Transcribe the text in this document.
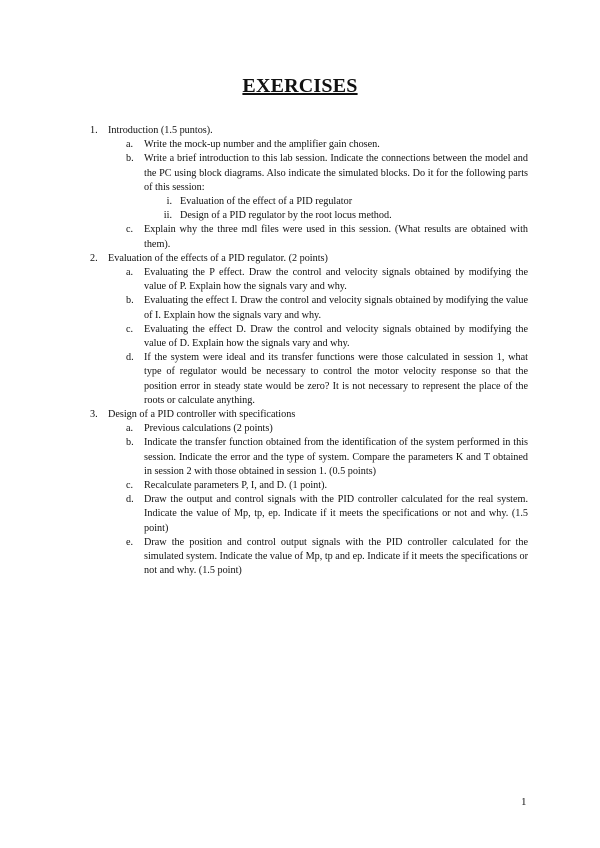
EXERCISES
1. Introduction (1.5 puntos).
a. Write the mock-up number and the amplifier gain chosen.
b. Write a brief introduction to this lab session. Indicate the connections between the model and the PC using block diagrams. Also indicate the simulated blocks. Do it for the following parts of this session:
i. Evaluation of the effect of a PID regulator
ii. Design of a PID regulator by the root locus method.
c. Explain why the three mdl files were used in this session. (What results are obtained with them).
2. Evaluation of the effects of a PID regulator. (2 points)
a. Evaluating the P effect. Draw the control and velocity signals obtained by modifying the value of P. Explain how the signals vary and why.
b. Evaluating the effect I. Draw the control and velocity signals obtained by modifying the value of I. Explain how the signals vary and why.
c. Evaluating the effect D. Draw the control and velocity signals obtained by modifying the value of D. Explain how the signals vary and why.
d. If the system were ideal and its transfer functions were those calculated in session 1, what type of regulator would be necessary to control the motor velocity response so that the position error in steady state would be zero? It is not necessary to represent the place of the roots or calculate anything.
3. Design of a PID controller with specifications
a. Previous calculations (2 points)
b. Indicate the transfer function obtained from the identification of the system performed in this session. Indicate the error and the type of system. Compare the parameters K and T obtained in session 2 with those obtained in session 1. (0.5 points)
c. Recalculate parameters P, I, and D. (1 point).
d. Draw the output and control signals with the PID controller calculated for the real system. Indicate the value of Mp, tp, ep. Indicate if it meets the specifications or not and why. (1.5 point)
e. Draw the position and control output signals with the PID controller calculated for the simulated system. Indicate the value of Mp, tp and ep. Indicate if it meets the specifications or not and why. (1.5 point)
1
